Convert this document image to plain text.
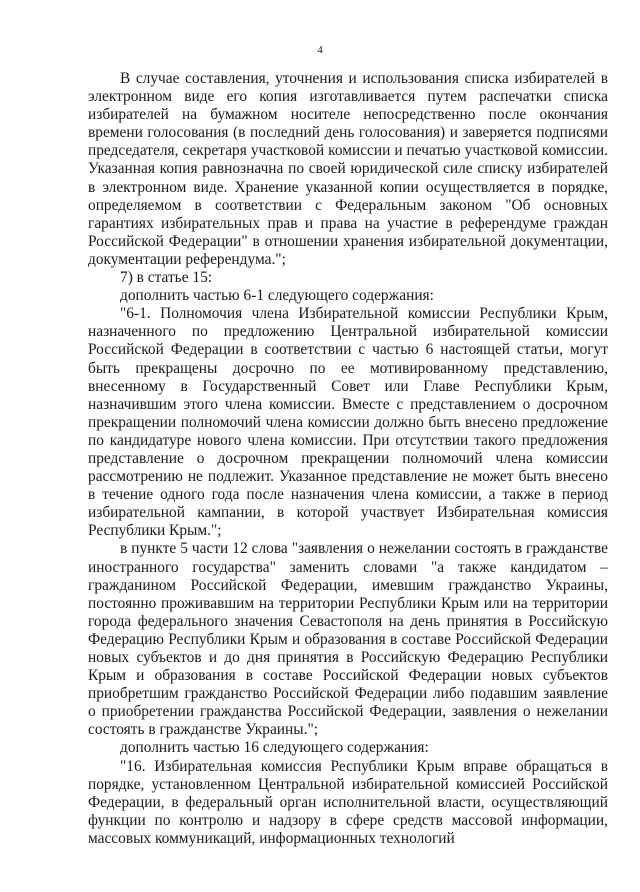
4

В случае составления, уточнения и использования списка избирателей в электронном виде его копия изготавливается путем распечатки списка избирателей на бумажном носителе непосредственно после окончания времени голосования (в последний день голосования) и заверяется подписями председателя, секретаря участковой комиссии и печатью участковой комиссии. Указанная копия равнозначна по своей юридической силе списку избирателей в электронном виде. Хранение указанной копии осуществляется в порядке, определяемом в соответствии с Федеральным законом "Об основных гарантиях избирательных прав и права на участие в референдуме граждан Российской Федерации" в отношении хранения избирательной документации, документации референдума.";

7) в статье 15:

дополнить частью 6-1 следующего содержания:

"6-1. Полномочия члена Избирательной комиссии Республики Крым, назначенного по предложению Центральной избирательной комиссии Российской Федерации в соответствии с частью 6 настоящей статьи, могут быть прекращены досрочно по ее мотивированному представлению, внесенному в Государственный Совет или Главе Республики Крым, назначившим этого члена комиссии. Вместе с представлением о досрочном прекращении полномочий члена комиссии должно быть внесено предложение по кандидатуре нового члена комиссии. При отсутствии такого предложения представление о досрочном прекращении полномочий члена комиссии рассмотрению не подлежит. Указанное представление не может быть внесено в течение одного года после назначения члена комиссии, а также в период избирательной кампании, в которой участвует Избирательная комиссия Республики Крым.";

в пункте 5 части 12 слова "заявления о нежелании состоять в гражданстве иностранного государства" заменить словами "а также кандидатом – гражданином Российской Федерации, имевшим гражданство Украины, постоянно проживавшим на территории Республики Крым или на территории города федерального значения Севастополя на день принятия в Российскую Федерацию Республики Крым и образования в составе Российской Федерации новых субъектов и до дня принятия в Российскую Федерацию Республики Крым и образования в составе Российской Федерации новых субъектов приобретшим гражданство Российской Федерации либо подавшим заявление о приобретении гражданства Российской Федерации, заявления о нежелании состоять в гражданстве Украины.";

дополнить частью 16 следующего содержания:

"16. Избирательная комиссия Республики Крым вправе обращаться в порядке, установленном Центральной избирательной комиссией Российской Федерации, в федеральный орган исполнительной власти, осуществляющий функции по контролю и надзору в сфере средств массовой информации, массовых коммуникаций, информационных технологий
